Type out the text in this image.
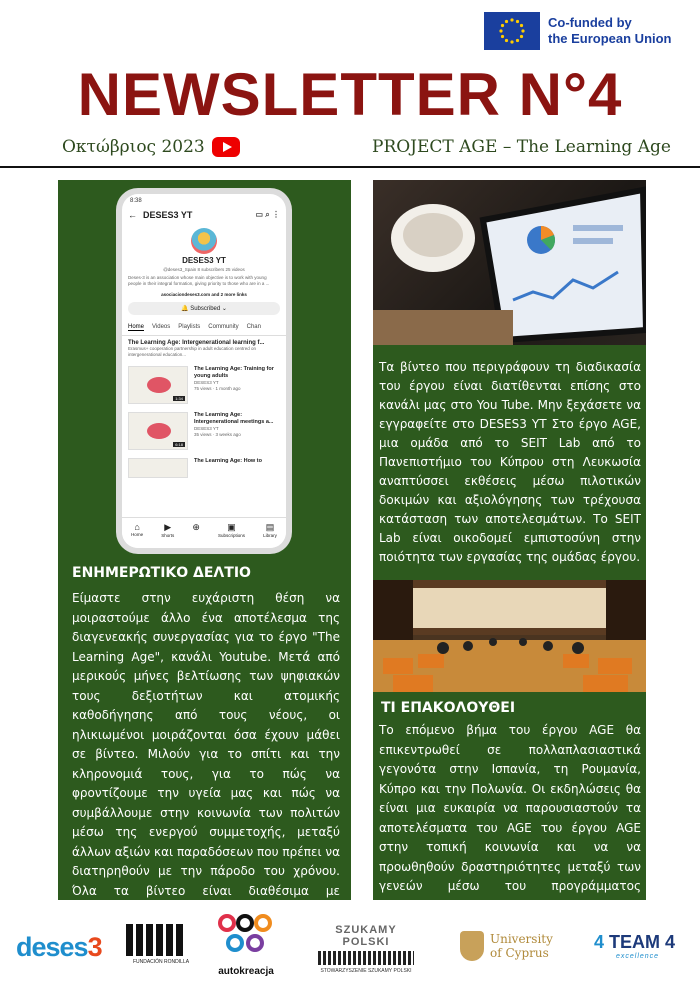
Co-funded by
the European Union
NEWSLETTER N°4
Οκτώβριος 2023	PROJECT AGE – The Learning Age
8:38
← DESES3 YT	▭ ⌕ ⋮
DESES3 YT
@deses3_Spain 8 subscribers 25 videos
Deses-3 is an association whose main objective is to work with young people in their integral formation, giving priority to those who are in a ...
asociaciondeses3.com and 2 more links
🔔 Subscribed ⌄
Home Videos Playlists Community Chan
The Learning Age: Intergenerational learning f...
Erasmus+ cooperation partnership in adult education centred on intergenerational education...
1:34
The Learning Age: Training for young adults
DESES3 YT
75 views · 1 month ago
6:18
The Learning Age: Intergenerational meetings a...
DESES3 YT
35 views · 3 weeks ago
The Learning Age: How to
⌂
Home
▶
Shorts
⊕	▣
Subscriptions
▤
Library
ΕΝΗΜΕΡΩΤΙΚΟ ΔΕΛΤΙΟ
Είμαστε στην ευχάριστη θέση να μοιραστούμε άλλο ένα αποτέλεσμα της διαγενεακής συνεργασίας για το έργο "The Learning Age", κανάλι Youtube. Μετά από μερικούς μήνες βελτίωσης των ψηφιακών τους δεξιοτήτων και ατομικής καθοδήγησης από τους νέους, οι ηλικιωμένοι μοιράζονται όσα έχουν μάθει σε βίντεο. Μιλούν για το σπίτι και την κληρονομιά τους, για το πώς να φροντίζουμε την υγεία μας και πώς να συμβάλλουμε στην κοινωνία των πολιτών μέσω της ενεργού συμμετοχής, μεταξύ άλλων αξιών και παραδόσεων που πρέπει να διατηρηθούν με την πάροδο του χρόνου. Όλα τα βίντεο είναι διαθέσιμα με υπότιτλους σε διάφορες γλώσσες.
Τα βίντεο που περιγράφουν τη διαδικασία του έργου είναι διατίθενται επίσης στο κανάλι μας στο You Tube. Μην ξεχάσετε να εγγραφείτε στο DESES3 YT Στο έργο AGE, μια ομάδα από το SEIT Lab από το Πανεπιστήμιο του Κύπρου στη Λευκωσία αναπτύσσει εκθέσεις μέσω πιλοτικών δοκιμών και αξιολόγησης των τρέχουσα κατάσταση των αποτελεσμάτων. Το SEIT Lab είναι οικοδομεί εμπιστοσύνη στην ποιότητα των εργασίας της ομάδας έργου.
ΤΙ ΕΠΑΚΟΛΟΥΘΕΙ
Το επόμενο βήμα του έργου AGE θα επικεντρωθεί σε πολλαπλασιαστικά γεγονότα στην Ισπανία, τη Ρουμανία, Κύπρο και την Πολωνία. Οι εκδηλώσεις θα είναι μια ευκαιρία να παρουσιαστούν τα αποτελέσματα του AGE του έργου AGE στην τοπική κοινωνία και να να προωθηθούν δραστηριότητες μεταξύ των γενεών μέσω του προγράμματος Erasmus+.
deses3	FUNDACIÓN RONDILLA
autokreacja
SZUKAMY POLSKI
STOWARZYSZENIE SZUKAMY POLSKI
University
of Cyprus
4 TEAM 4
excellence
